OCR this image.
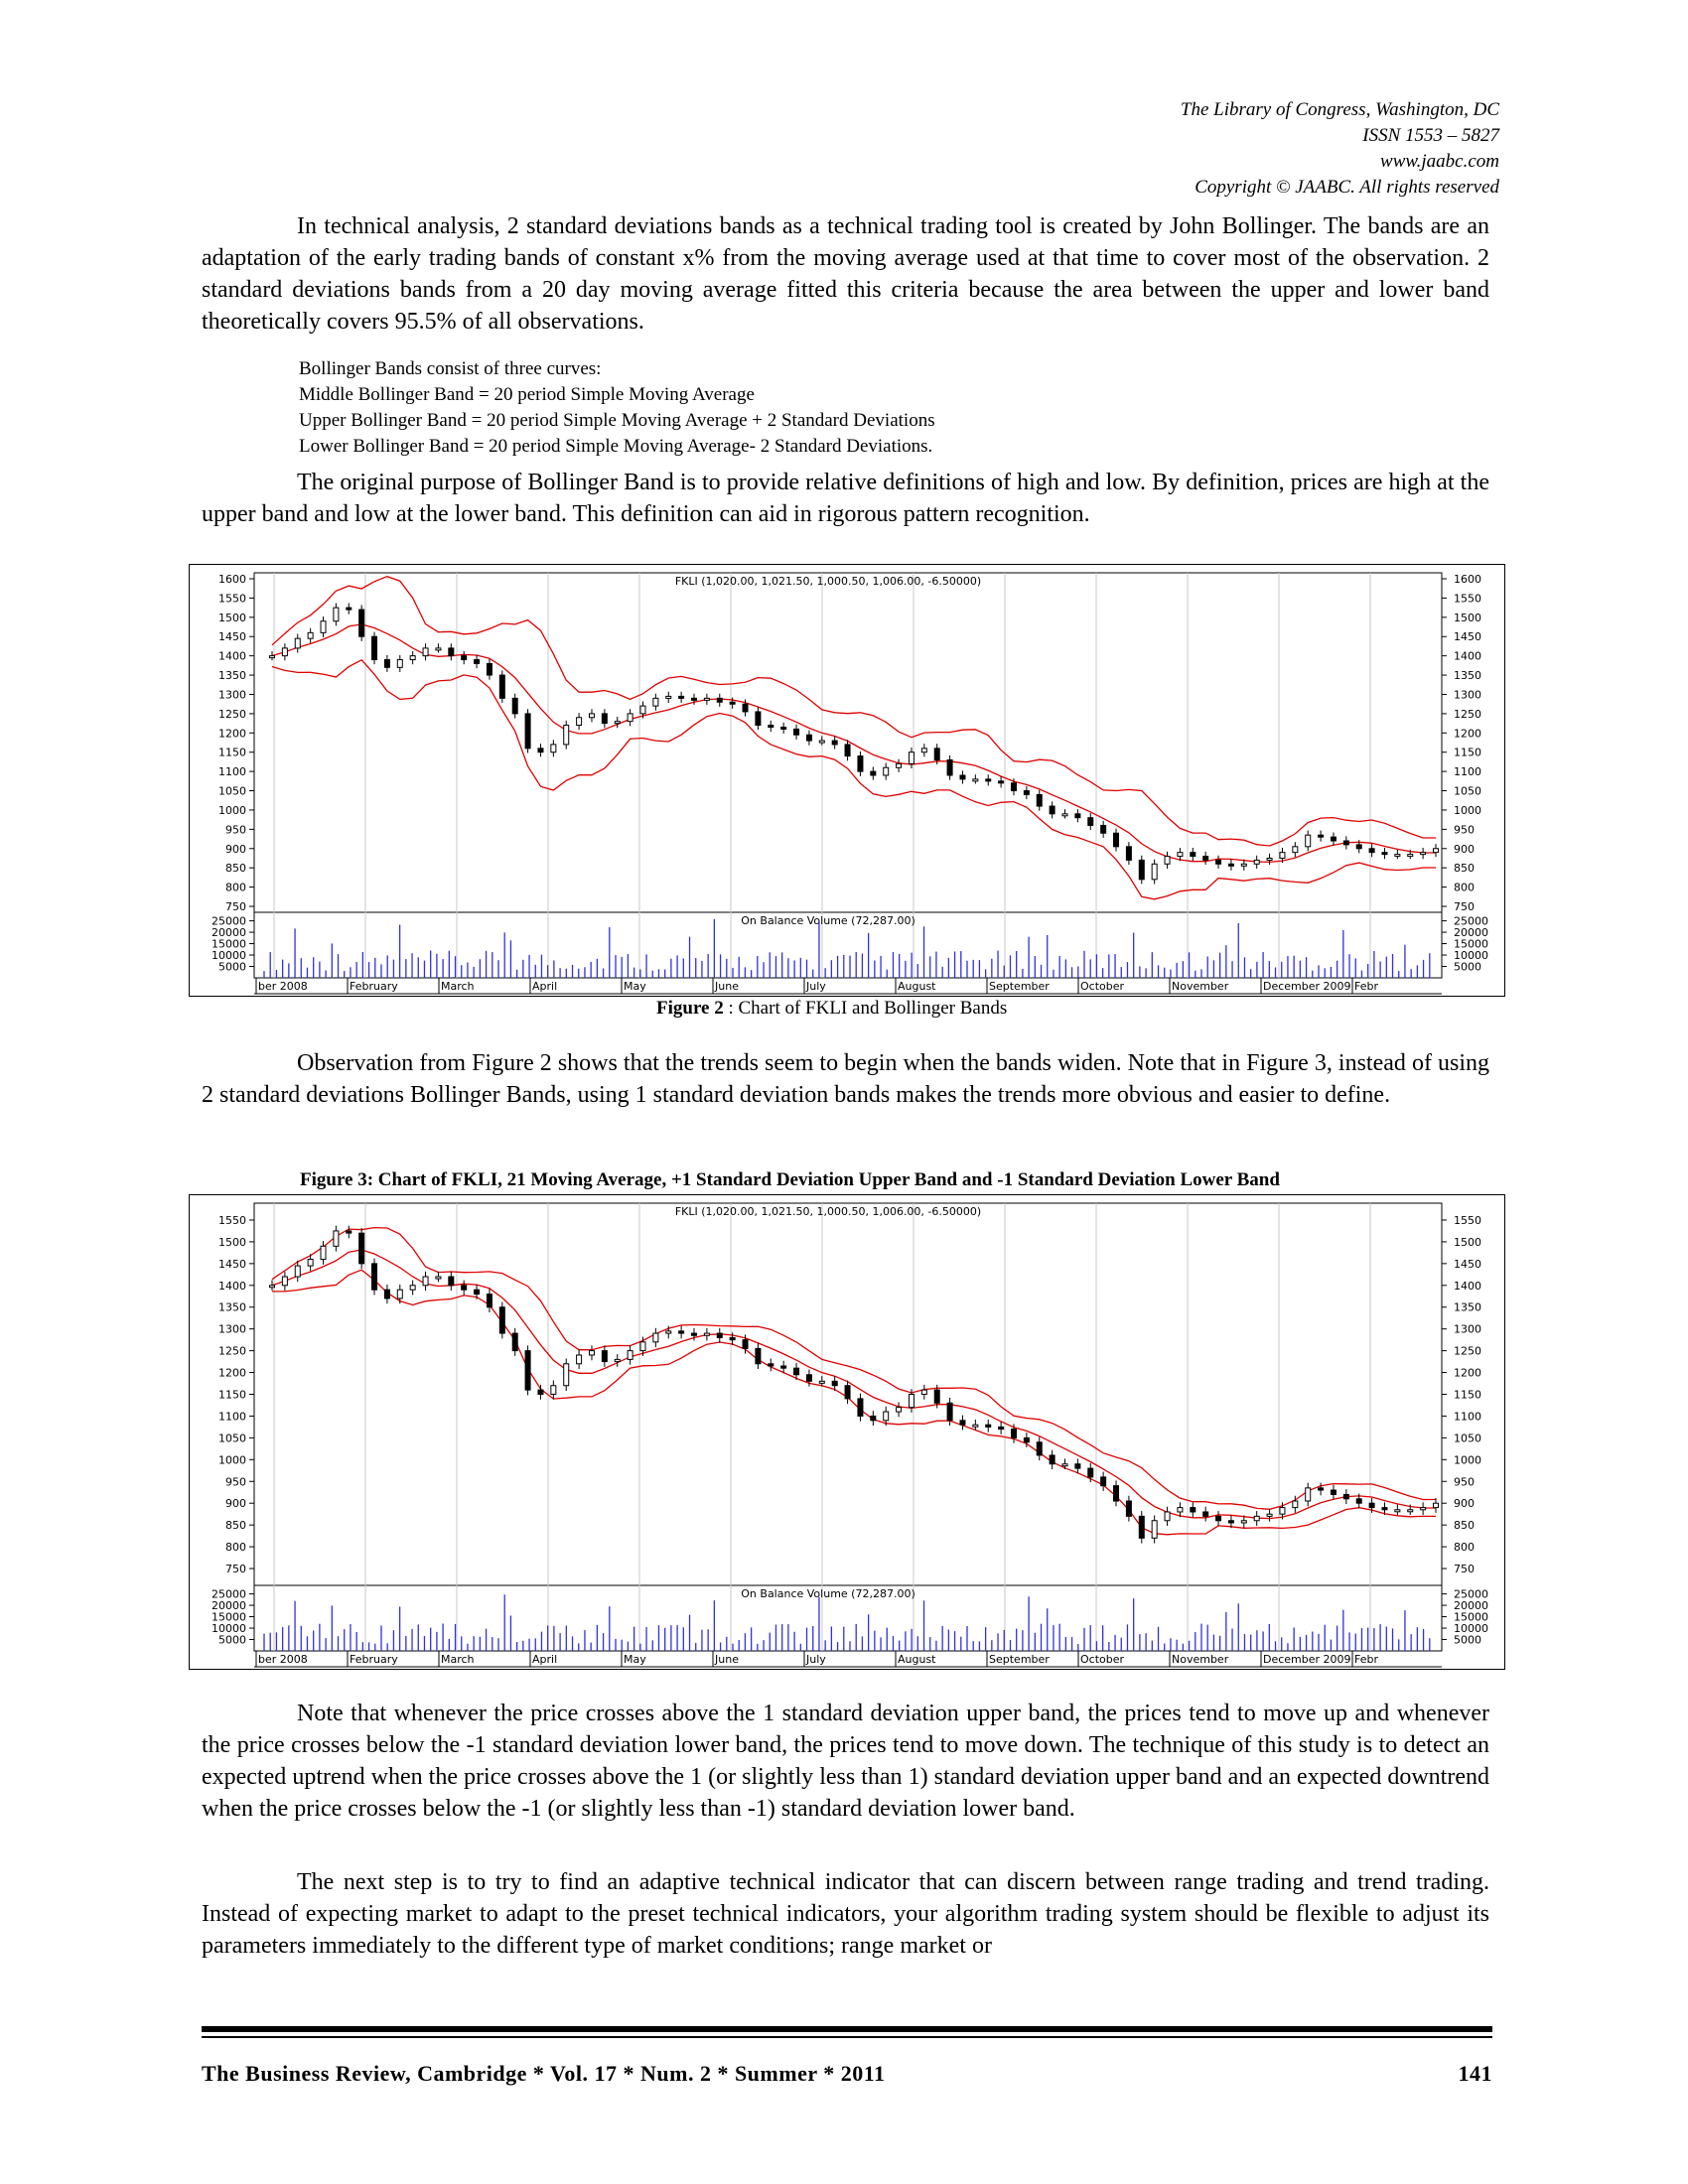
The Library of Congress, Washington, DC
ISSN 1553 – 5827
www.jaabc.com
Copyright © JAABC. All rights reserved

In technical analysis, 2 standard deviations bands as a technical trading tool is created by John Bollinger. The bands are an adaptation of the early trading bands of constant x% from the moving average used at that time to cover most of the observation. 2 standard deviations bands from a 20 day moving average fitted this criteria because the area between the upper and lower band theoretically covers 95.5% of all observations.

Bollinger Bands consist of three curves:
Middle Bollinger Band = 20 period Simple Moving Average
Upper Bollinger Band = 20 period Simple Moving Average + 2 Standard Deviations
Lower Bollinger Band = 20 period Simple Moving Average- 2 Standard Deviations.

The original purpose of Bollinger Band is to provide relative definitions of high and low. By definition, prices are high at the upper band and low at the lower band. This definition can aid in rigorous pattern recognition.

ber 2008	February	March	April	May	June	July	August	September	October	November	December 2009 Febr
1600	1600
1550	1550
1500	1500
1450	1450
1400	1400
1350	1350
1300	1300
1250	1250
1200	1200
1150	1150
1100	1100
1050	1050
1000	1000
950	950
900	900
850	850
800	800
750	750
25000	25000
20000	20000
15000	15000
10000	10000
5000	5000
FKLI (1,020.00, 1,021.50, 1,000.50, 1,006.00, -6.50000)
On Balance Volume (72,287.00)
Figure 2 : Chart of FKLI and Bollinger Bands

Observation from Figure 2 shows that the trends seem to begin when the bands widen. Note that in Figure 3, instead of using 2 standard deviations Bollinger Bands, using 1 standard deviation bands makes the trends more obvious and easier to define.

Figure 3: Chart of FKLI, 21 Moving Average, +1 Standard Deviation Upper Band and -1 Standard Deviation Lower Band
ber 2008	February	March	April	May	June	July	August	September	October	November	December 2009 Febr
1550	1550
1500	1500
1450	1450
1400	1400
1350	1350
1300	1300
1250	1250
1200	1200
1150	1150
1100	1100
1050	1050
1000	1000
950	950
900	900
850	850
800	800
750	750
25000	25000
20000	20000
15000	15000
10000	10000
5000	5000
FKLI (1,020.00, 1,021.50, 1,000.50, 1,006.00, -6.50000)
On Balance Volume (72,287.00)

Note that whenever the price crosses above the 1 standard deviation upper band, the prices tend to move up and whenever the price crosses below the -1 standard deviation lower band, the prices tend to move down. The technique of this study is to detect an expected uptrend when the price crosses above the 1 (or slightly less than 1) standard deviation upper band and an expected downtrend when the price crosses below the -1 (or slightly less than -1) standard deviation lower band.

The next step is to try to find an adaptive technical indicator that can discern between range trading and trend trading. Instead of expecting market to adapt to the preset technical indicators, your algorithm trading system should be flexible to adjust its parameters immediately to the different type of market conditions; range market or

The Business Review, Cambridge * Vol. 17 * Num. 2 * Summer * 2011	141
